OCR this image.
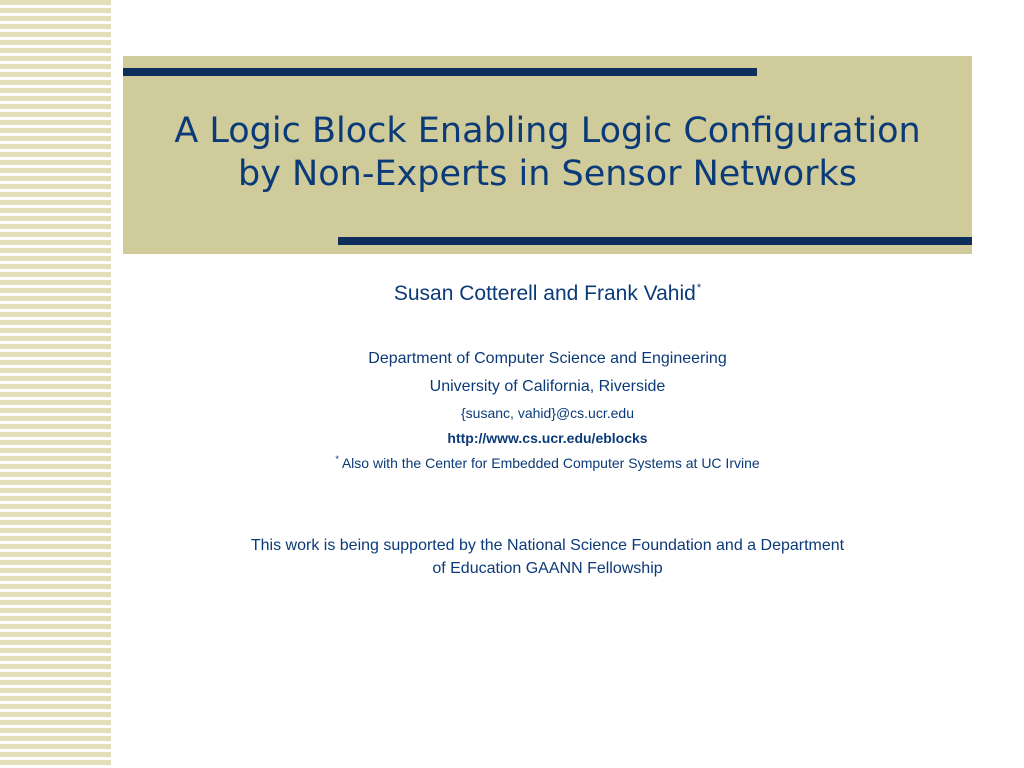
A Logic Block Enabling Logic Configuration
by Non-Experts in Sensor Networks
Susan Cotterell and Frank Vahid*
Department of Computer Science and Engineering
University of California, Riverside
{susanc, vahid}@cs.ucr.edu
http://www.cs.ucr.edu/eblocks
* Also with the Center for Embedded Computer Systems at UC Irvine
This work is being supported by the National Science Foundation and a Department
of Education GAANN Fellowship
